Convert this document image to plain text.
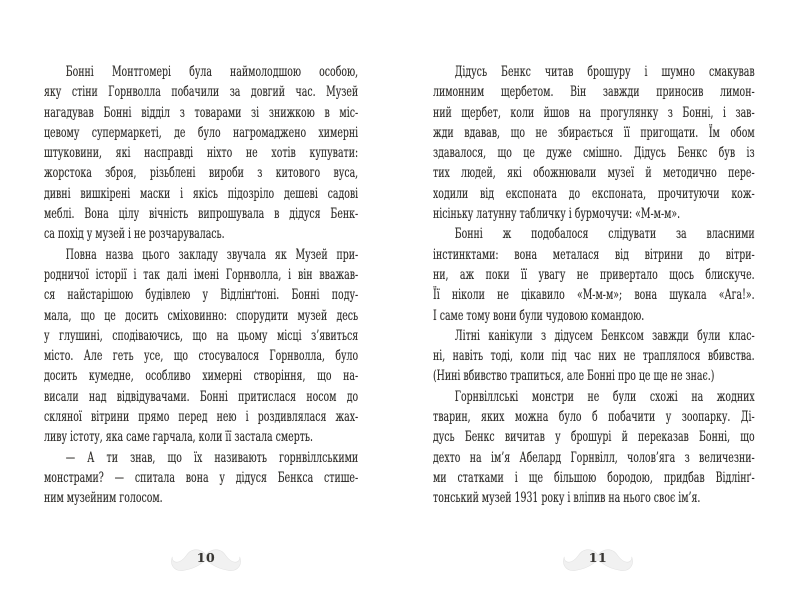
Бонні Монтгомері була наймолодшою особою,
яку стіни Горнволла побачили за довгий час. Музей
нагадував Бонні відділ з товарами зі знижкою в міс-
цевому супермаркеті, де було нагромаджено химерні
штуковини, які насправді ніхто не хотів купувати:
жорстока зброя, різьблені вироби з китового вуса,
дивні вишкірені маски і якісь підозріло дешеві садові
меблі. Вона цілу вічність випрошувала в дідуся Бенк-
са похід у музей і не розчарувалась.
Повна назва цього закладу звучала як Музей при-
родничої історії і так далі імені Горнволла, і він вважав-
ся найстарішою будівлею у Відлінґтоні. Бонні поду-
мала, що це досить сміховинно: спорудити музей десь
у глушині, сподіваючись, що на цьому місці з’явиться
місто. Але геть усе, що стосувалося Горнволла, було
досить кумедне, особливо химерні створіння, що на-
висали над відвідувачами. Бонні притислася носом до
скляної вітрини прямо перед нею і роздивлялася жах-
ливу істоту, яка саме гарчала, коли її застала смерть.
— А ти знав, що їх називають горнвіллськими
монстрами? — спитала вона у дідуся Бенкса стише-
ним музейним голосом.
10
Дідусь Бенкс читав брошуру і шумно смакував
лимонним щербетом. Він завжди приносив лимон-
ний щербет, коли йшов на прогулянку з Бонні, і зав-
жди вдавав, що не збирається її пригощати. Їм обом
здавалося, що це дуже смішно. Дідусь Бенкс був із
тих людей, які обожнювали музеї й методично пере-
ходили від експоната до експоната, прочитуючи кож-
нісіньку латунну табличку і бурмочучи: «М-м-м».
Бонні ж подобалося слідувати за власними
інстинктами: вона металася від вітрини до вітри-
ни, аж поки її увагу не привертало щось блискуче.
Її ніколи не цікавило «М-м-м»; вона шукала «Ага!».
І саме тому вони були чудовою командою.
Літні канікули з дідусем Бенксом завжди були клас-
ні, навіть тоді, коли під час них не траплялося вбивства.
(Нині вбивство трапиться, але Бонні про це ще не знає.)
Горнвіллські монстри не були схожі на жодних
тварин, яких можна було б побачити у зоопарку. Ді-
дусь Бенкс вичитав у брошурі й переказав Бонні, що
дехто на ім’я Абелард Горнвілл, чолов’яга з величезни-
ми статками і ще більшою бородою, придбав Відлінґ-
тонський музей 1931 року і вліпив на нього своє ім’я.
11
